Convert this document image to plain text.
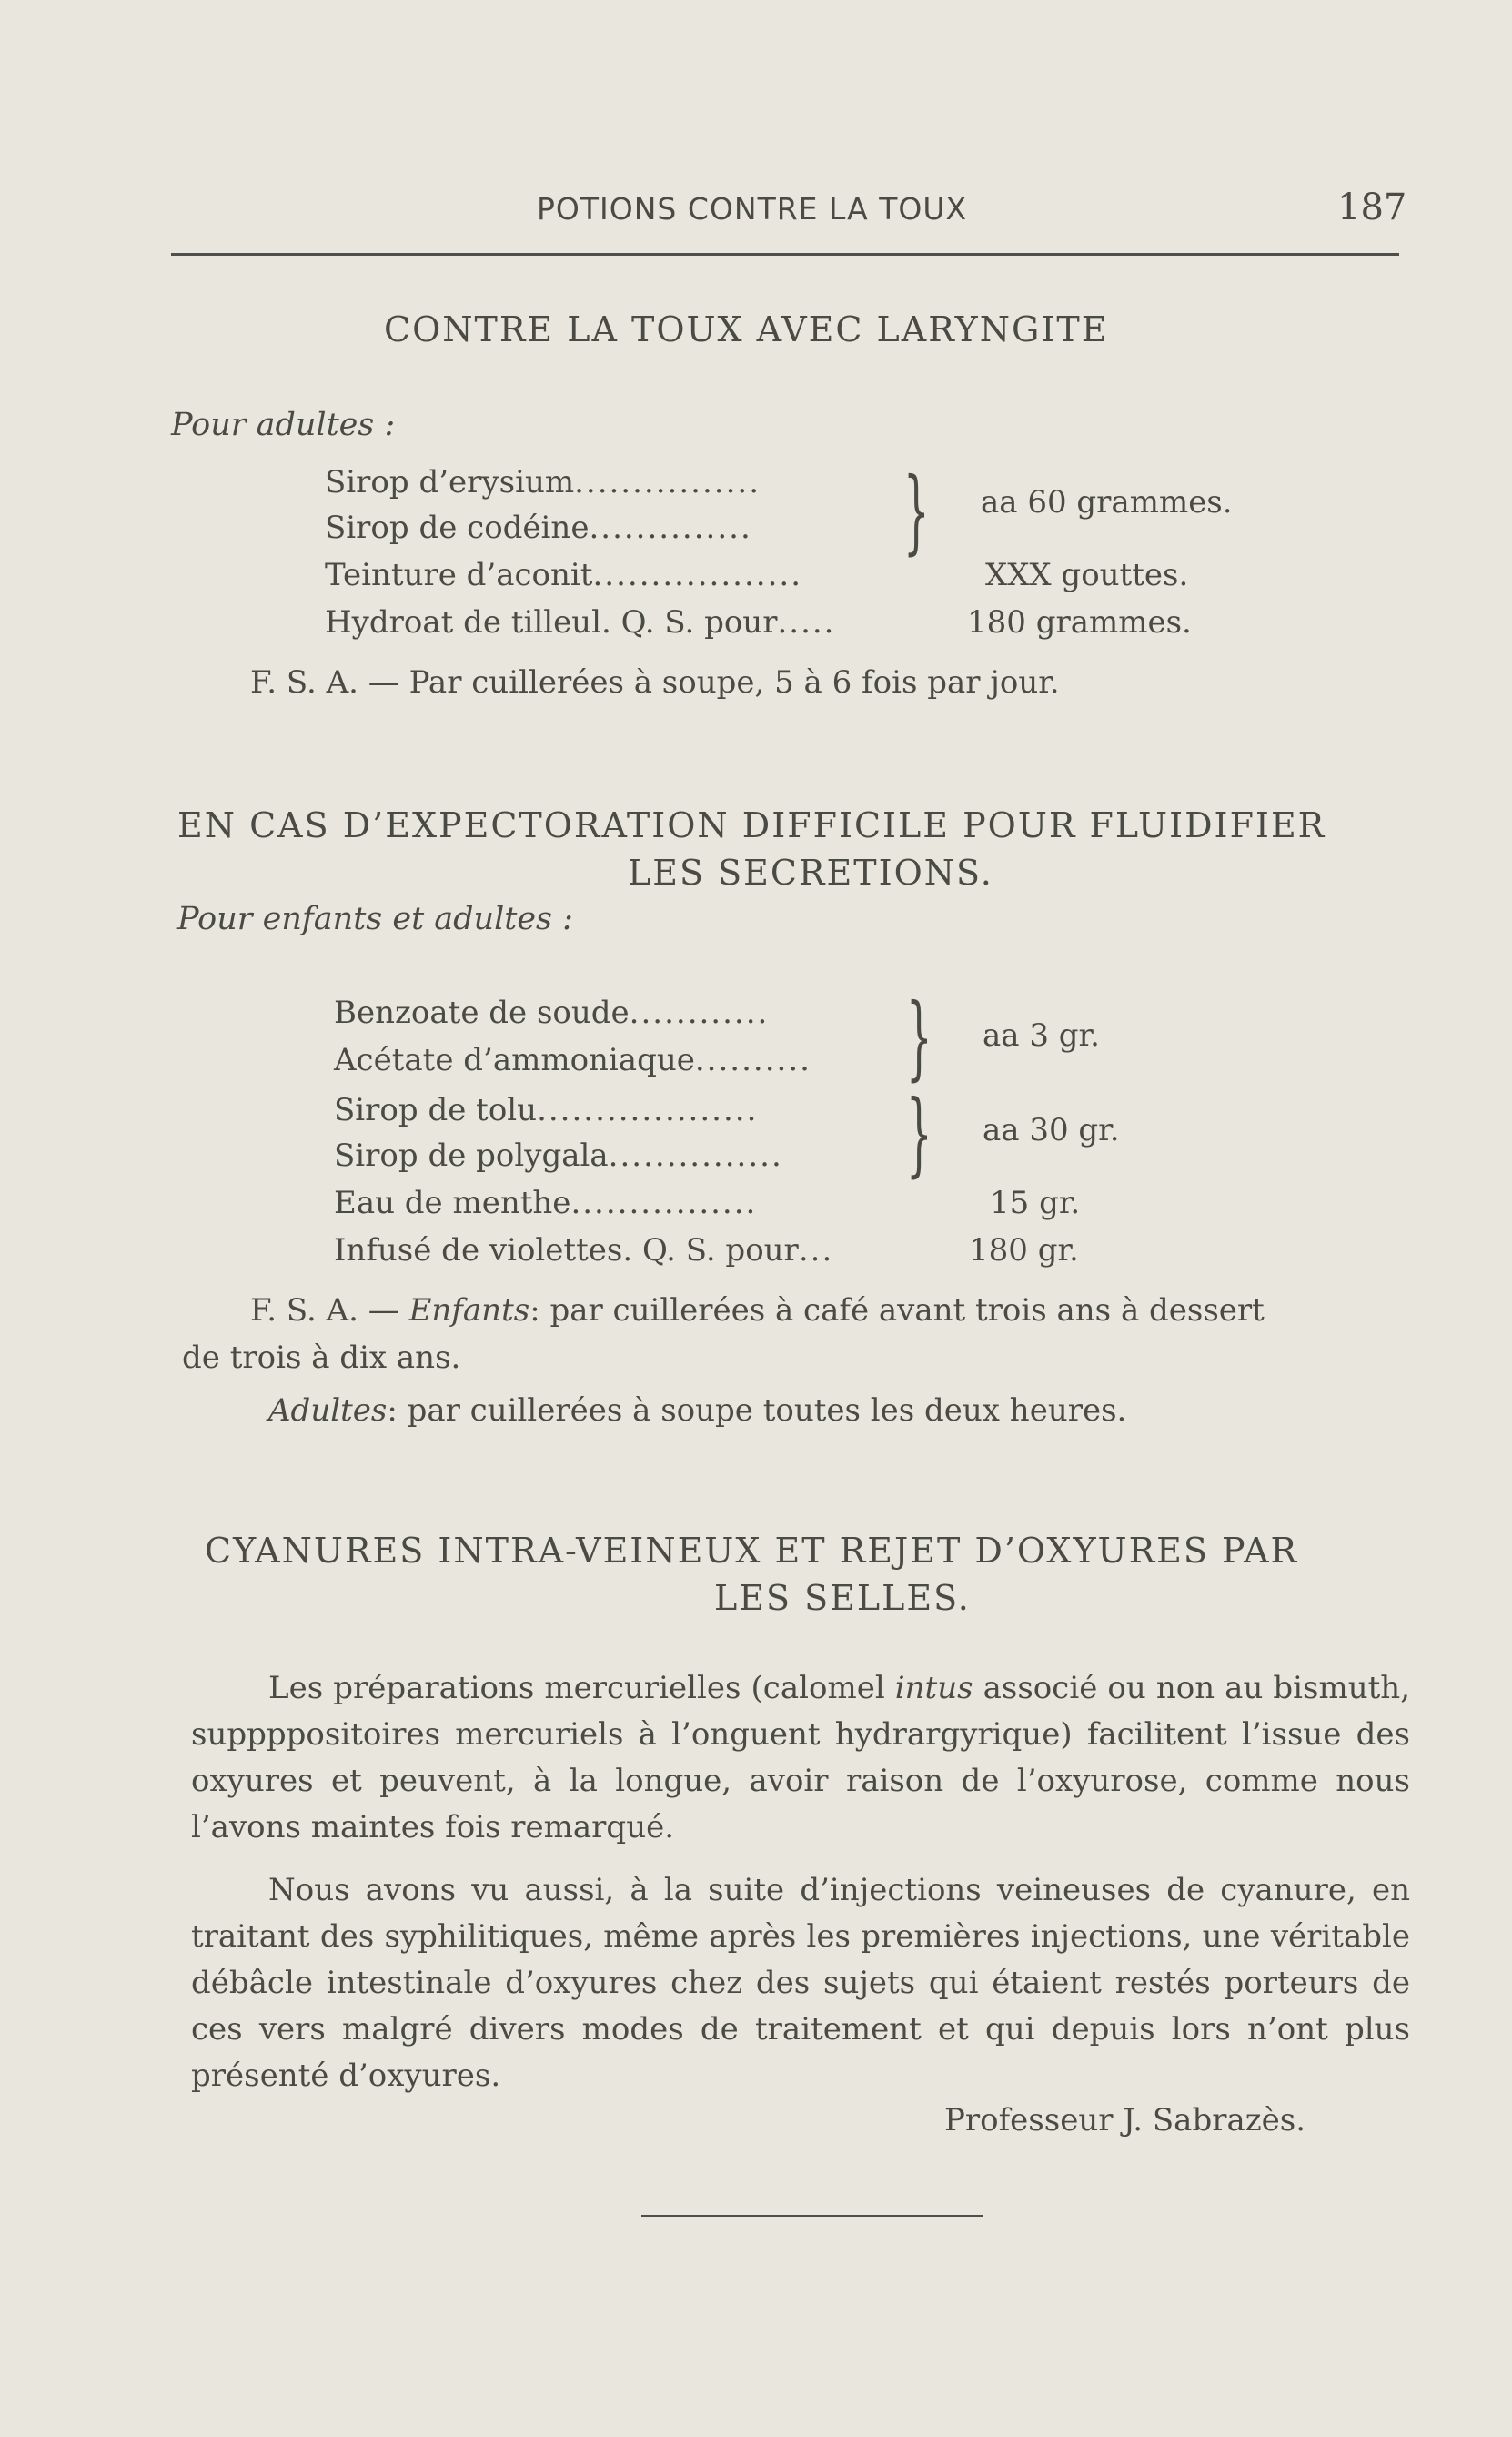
POTIONS CONTRE LA TOUX	187
CONTRE LA TOUX AVEC LARYNGITE
Pour adultes :
Sirop d’erysium................
Sirop de codéine.............. } aa 60 grammes.
Teinture d’aconit..................	XXX gouttes.
Hydroat de tilleul. Q. S. pour.....	180 grammes.
F. S. A. — Par cuillerées à soupe, 5 à 6 fois par jour.
EN CAS D’EXPECTORATION DIFFICILE POUR FLUIDIFIER
LES SECRETIONS.
Pour enfants et adultes :
Benzoate de soude............
Acétate d’ammoniaque.......... } aa 3 gr.
Sirop de tolu...................
Sirop de polygala............... } aa 30 gr.
Eau de menthe................	15 gr.
Infusé de violettes. Q. S. pour...	180 gr.
F. S. A. — Enfants: par cuillerées à café avant trois ans à dessert
de trois à dix ans.
Adultes: par cuillerées à soupe toutes les deux heures.
CYANURES INTRA-VEINEUX ET REJET D’OXYURES PAR
LES SELLES.
Les préparations mercurielles (calomel intus associé ou non au bismuth, suppppositoires mercuriels à l’onguent hydrargyrique) facilitent l’issue des oxyures et peuvent, à la longue, avoir raison de l’oxyurose, comme nous l’avons maintes fois remarqué.
Nous avons vu aussi, à la suite d’injections veineuses de cyanure, en traitant des syphilitiques, même après les premières injections, une véritable débâcle intestinale d’oxyures chez des sujets qui étaient restés porteurs de ces vers malgré divers modes de traitement et qui depuis lors n’ont plus présenté d’oxyures.
Professeur J. Sabrazès.
